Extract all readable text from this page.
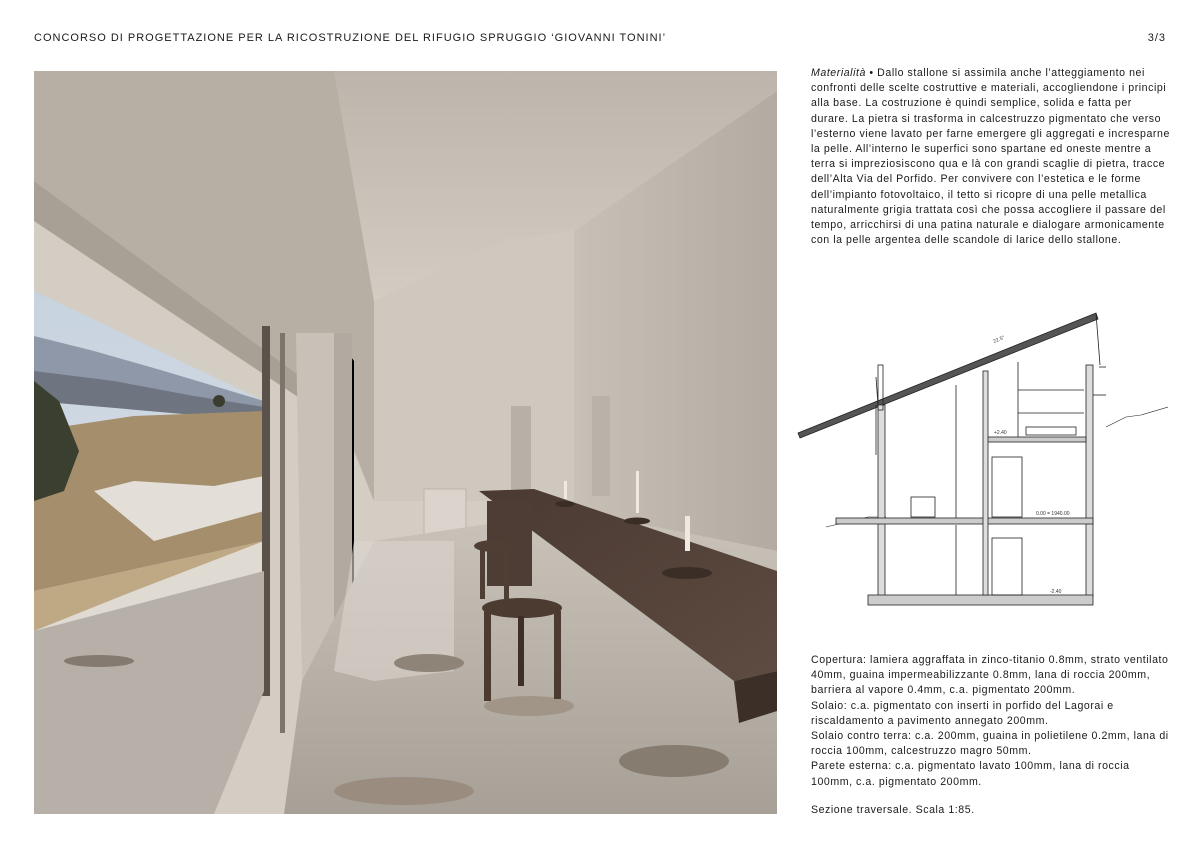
CONCORSO DI PROGETTAZIONE PER LA RICOSTRUZIONE DEL RIFUGIO SPRUGGIO ‘GIOVANNI TONINI’	3/3
Materialità • Dallo stallone si assimila anche l’atteggiamento nei confronti delle scelte costruttive e materiali, accogliendone i principi alla base. La costruzione è quindi semplice, solida e fatta per durare. La pietra si trasforma in calcestruzzo pigmentato che verso l’esterno viene lavato per farne emergere gli aggregati e incresparne la pelle. All’interno le superfici sono spartane ed oneste mentre a terra si impreziosiscono qua e là con grandi scaglie di pietra, tracce dell’Alta Via del Porfido. Per convivere con l’estetica e le forme dell’impianto fotovoltaico, il tetto si ricopre di una pelle metallica naturalmente grigia trattata così che possa accogliere il passare del tempo, arricchirsi di una patina naturale e dialogare armonicamente con la pelle argentea delle scandole di larice dello stallone.
22.5°
+2.40
0.00 = 1940.00
-2.40

Copertura: lamiera aggraffata in zinco-titanio 0.8mm, strato ventilato 40mm, guaina impermeabilizzante 0.8mm, lana di roccia 200mm, barriera al vapore 0.4mm, c.a. pigmentato 200mm.

Solaio: c.a. pigmentato con inserti in porfido del Lagorai e riscaldamento a pavimento annegato 200mm.

Solaio contro terra: c.a. 200mm, guaina in polietilene 0.2mm, lana di roccia 100mm, calcestruzzo magro 50mm.

Parete esterna: c.a. pigmentato lavato 100mm, lana di roccia 100mm, c.a. pigmentato 200mm.

Sezione traversale. Scala 1:85.
